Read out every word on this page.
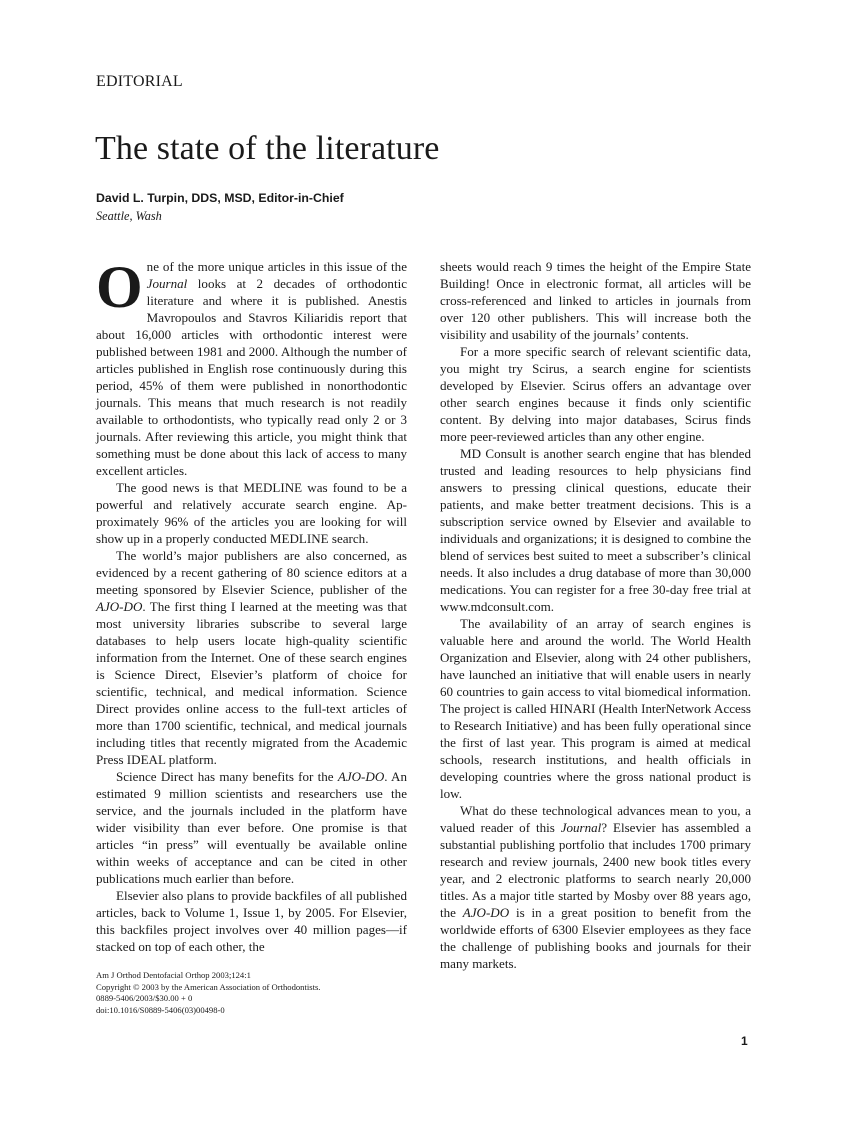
EDITORIAL
The state of the literature
David L. Turpin, DDS, MSD, Editor-in-Chief
Seattle, Wash

One of the more unique articles in this issue of the Journal looks at 2 decades of orthodontic literature and where it is published. Anestis Mavropoulos and Stavros Kiliaridis report that about 16,000 articles with orthodontic interest were published between 1981 and 2000. Although the number of articles published in English rose continuously during this period, 45% of them were published in nonorthodontic journals. This means that much research is not readily available to orthodontists, who typically read only 2 or 3 journals. After reviewing this article, you might think that something must be done about this lack of access to many excellent articles.

The good news is that MEDLINE was found to be a powerful and relatively accurate search engine. Approximately 96% of the articles you are looking for will show up in a properly conducted MEDLINE search.

The world’s major publishers are also concerned, as evidenced by a recent gathering of 80 science editors at a meeting sponsored by Elsevier Science, publisher of the AJO-DO. The first thing I learned at the meeting was that most university libraries subscribe to several large databases to help users locate high-quality scientific information from the Internet. One of these search engines is Science Direct, Elsevier’s platform of choice for scientific, technical, and medical information. Science Direct provides online access to the full-text articles of more than 1700 scientific, technical, and medical journals including titles that recently migrated from the Academic Press IDEAL platform.

Science Direct has many benefits for the AJO-DO. An estimated 9 million scientists and researchers use the service, and the journals included in the platform have wider visibility than ever before. One promise is that articles “in press” will eventually be available online within weeks of acceptance and can be cited in other publications much earlier than before.

Elsevier also plans to provide backfiles of all published articles, back to Volume 1, Issue 1, by 2005. For Elsevier, this backfiles project involves over 40 million pages—if stacked on top of each other, the

sheets would reach 9 times the height of the Empire State Building! Once in electronic format, all articles will be cross-referenced and linked to articles in journals from over 120 other publishers. This will increase both the visibility and usability of the journals’ contents.

For a more specific search of relevant scientific data, you might try Scirus, a search engine for scientists developed by Elsevier. Scirus offers an advantage over other search engines because it finds only scientific content. By delving into major databases, Scirus finds more peer-reviewed articles than any other engine.

MD Consult is another search engine that has blended trusted and leading resources to help physicians find answers to pressing clinical questions, educate their patients, and make better treatment decisions. This is a subscription service owned by Elsevier and available to individuals and organizations; it is designed to combine the blend of services best suited to meet a subscriber’s clinical needs. It also includes a drug database of more than 30,000 medications. You can register for a free 30-day free trial at www.mdconsult.com.

The availability of an array of search engines is valuable here and around the world. The World Health Organization and Elsevier, along with 24 other publishers, have launched an initiative that will enable users in nearly 60 countries to gain access to vital biomedical information. The project is called HINARI (Health InterNetwork Access to Research Initiative) and has been fully operational since the first of last year. This program is aimed at medical schools, research institutions, and health officials in developing countries where the gross national product is low.

What do these technological advances mean to you, a valued reader of this Journal? Elsevier has assembled a substantial publishing portfolio that includes 1700 primary research and review journals, 2400 new book titles every year, and 2 electronic platforms to search nearly 20,000 titles. As a major title started by Mosby over 88 years ago, the AJO-DO is in a great position to benefit from the worldwide efforts of 6300 Elsevier employees as they face the challenge of publishing books and journals for their many markets.

Am J Orthod Dentofacial Orthop 2003;124:1
Copyright © 2003 by the American Association of Orthodontists.
0889-5406/2003/$30.00 + 0
doi:10.1016/S0889-5406(03)00498-0
1
